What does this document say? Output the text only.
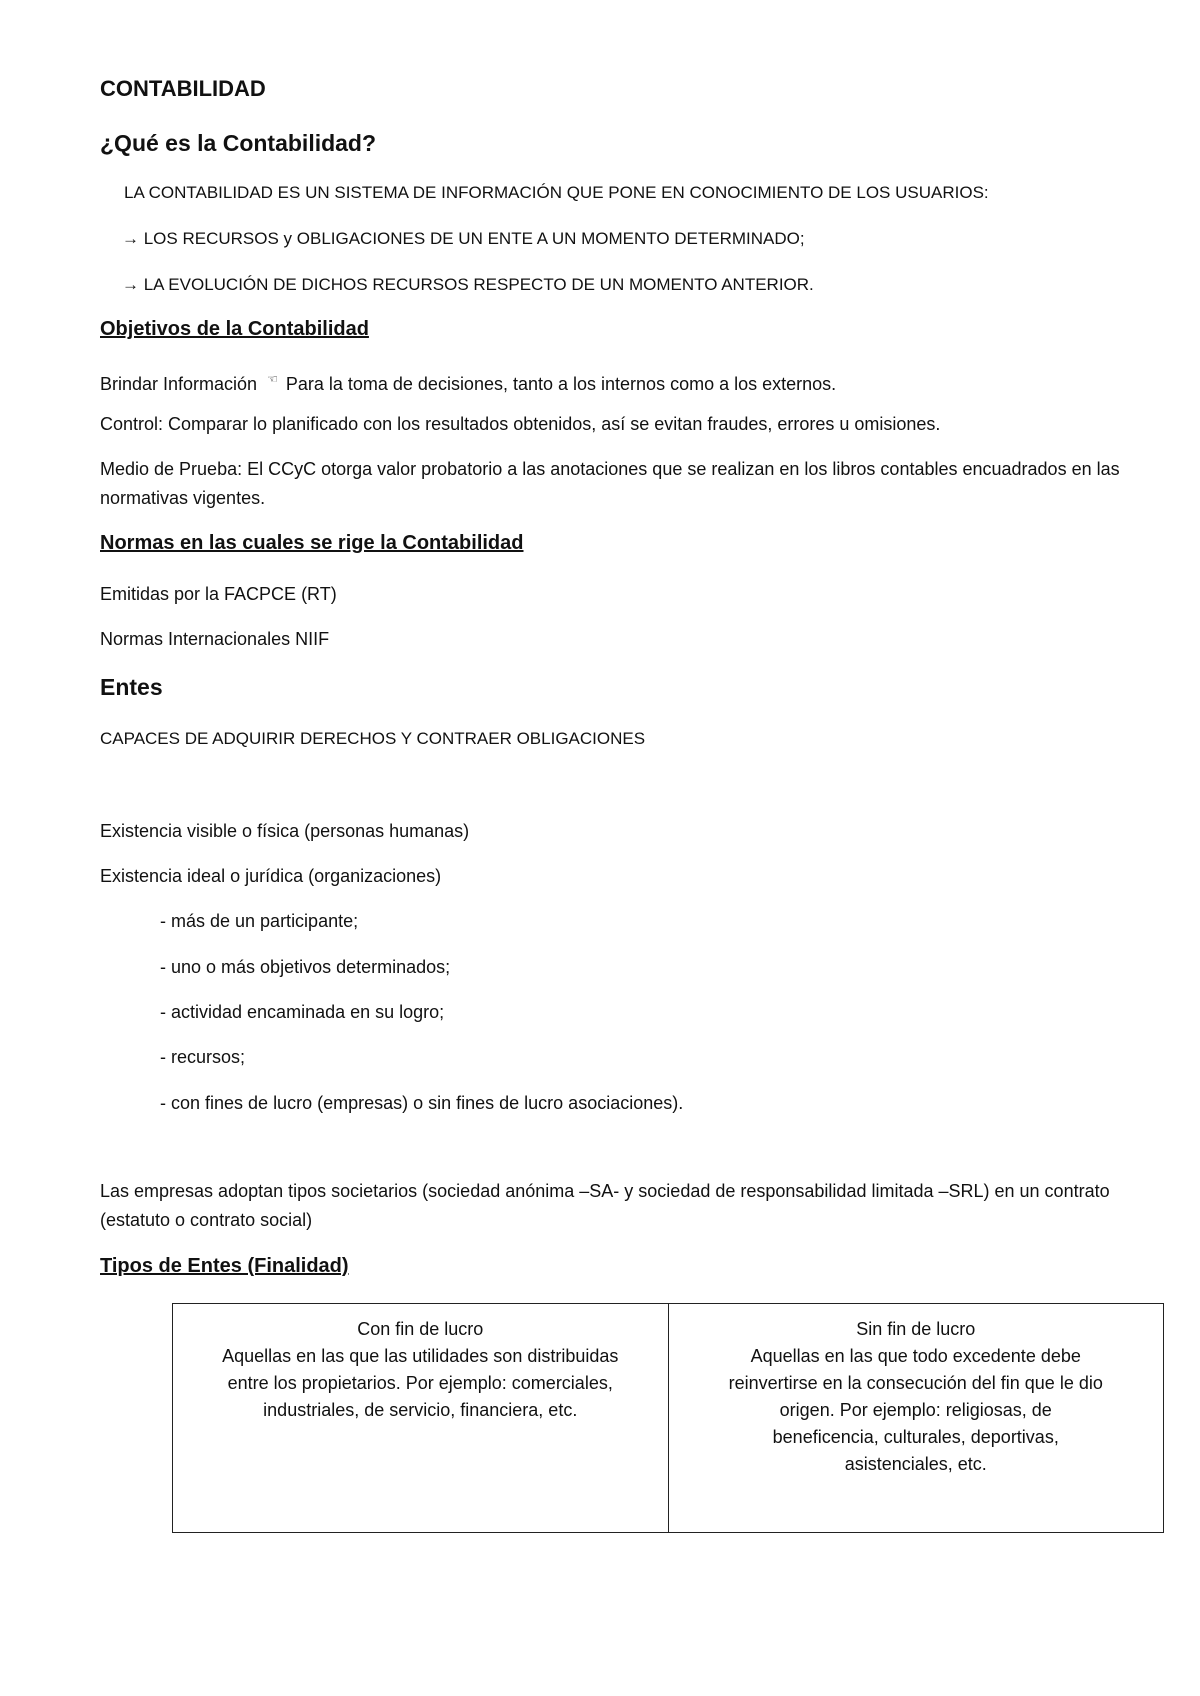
CONTABILIDAD
¿Qué es la Contabilidad?
LA CONTABILIDAD ES UN SISTEMA DE INFORMACIÓN QUE PONE EN CONOCIMIENTO DE LOS USUARIOS:
→ LOS RECURSOS y OBLIGACIONES DE UN ENTE A UN MOMENTO DETERMINADO;
→ LA EVOLUCIÓN DE DICHOS RECURSOS RESPECTO DE UN MOMENTO ANTERIOR.
Objetivos de la Contabilidad
Brindar Información ☜ Para la toma de decisiones, tanto a los internos como a los externos.
Control: Comparar lo planificado con los resultados obtenidos, así se evitan fraudes, errores u omisiones.
Medio de Prueba: El CCyC otorga valor probatorio a las anotaciones que se realizan en los libros contables encuadrados en las normativas vigentes.
Normas en las cuales se rige la Contabilidad
Emitidas por la FACPCE (RT)
Normas Internacionales NIIF
Entes
CAPACES DE ADQUIRIR DERECHOS Y CONTRAER OBLIGACIONES
Existencia visible o física (personas humanas)
Existencia ideal o jurídica (organizaciones)
- más de un participante;
- uno o más objetivos determinados;
- actividad encaminada en su logro;
- recursos;
- con fines de lucro (empresas) o sin fines de lucro asociaciones).
Las empresas adoptan tipos societarios (sociedad anónima –SA- y sociedad de responsabilidad limitada –SRL) en un contrato (estatuto o contrato social)
Tipos de Entes (Finalidad)
Con fin de lucro
Aquellas en las que las utilidades son distribuidas
entre los propietarios. Por ejemplo: comerciales,
industriales, de servicio, financiera, etc.

Sin fin de lucro
Aquellas en las que todo excedente debe
reinvertirse en la consecución del fin que le dio
origen. Por ejemplo: religiosas, de
beneficencia, culturales, deportivas,
asistenciales, etc.
